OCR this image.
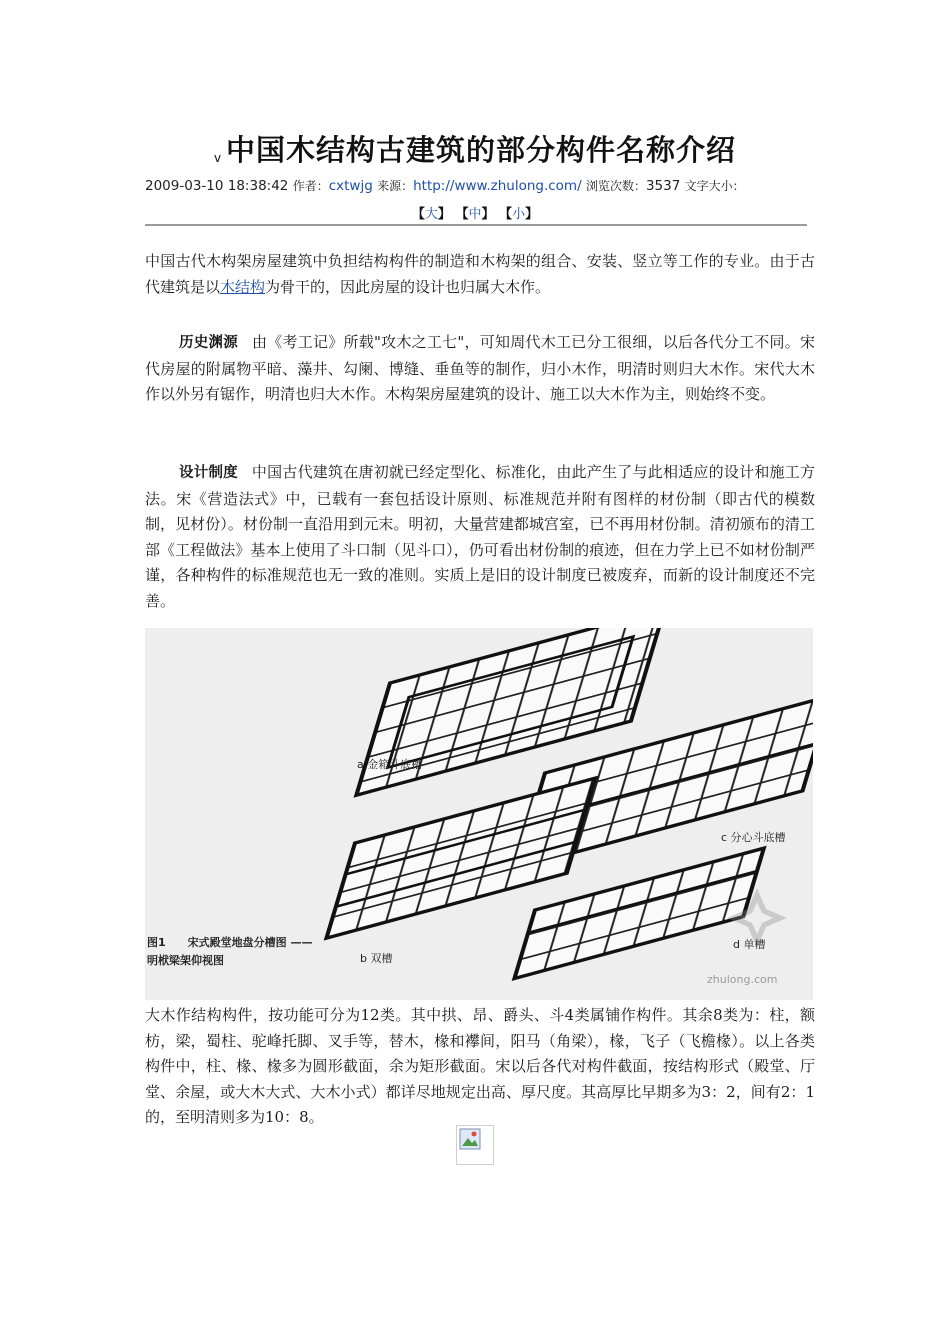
v 中国木结构古建筑的部分构件名称介绍
2009-03-10 18:38:42 作者：cxtwjg 来源：http://www.zhulong.com/ 浏览次数：3537 文字大小：
【大】 【中】 【小】

中国古代木构架房屋建筑中负担结构构件的制造和木构架的组合、安装、竖立等工作的专业。由于古代建筑是以木结构为骨干的，因此房屋的设计也归属大木作。

历史渊源 由《考工记》所载"攻木之工七"，可知周代木工已分工很细，以后各代分工不同。宋代房屋的附属物平暗、藻井、勾阑、博缝、垂鱼等的制作，归小木作，明清时则归大木作。宋代大木作以外另有锯作，明清也归大木作。木构架房屋建筑的设计、施工以大木作为主，则始终不变。

设计制度 中国古代建筑在唐初就已经定型化、标准化，由此产生了与此相适应的设计和施工方法。宋《营造法式》中，已载有一套包括设计原则、标准规范并附有图样的材份制（即古代的模数制，见材份）。材份制一直沿用到元末。明初，大量营建都城宫室，已不再用材份制。清初颁布的清工部《工程做法》基本上使用了斗口制（见斗口），仍可看出材份制的痕迹，但在力学上已不如材份制严谨，各种构件的标准规范也无一致的准则。实质上是旧的设计制度已被废弃，而新的设计制度还不完善。

a 金箱斗底槽
c 分心斗底槽
b 双槽
d 单槽
图1　　宋式殿堂地盘分槽图 ——
明栿梁架仰视图
zhulong.com

大木作结构构件，按功能可分为12类。其中拱、昂、爵头、斗4类属铺作构件。其余8类为：柱，额枋，梁，蜀柱、驼峰托脚、叉手等，替木，椽和襻间，阳马（角梁），椽，飞子（飞檐椽）。以上各类构件中，柱、椽、椽多为圆形截面，余为矩形截面。宋以后各代对构件截面，按结构形式（殿堂、厅堂、余屋，或大木大式、大木小式）都详尽地规定出高、厚尺度。其高厚比早期多为3：2，间有2：1的，至明清则多为10：8。
